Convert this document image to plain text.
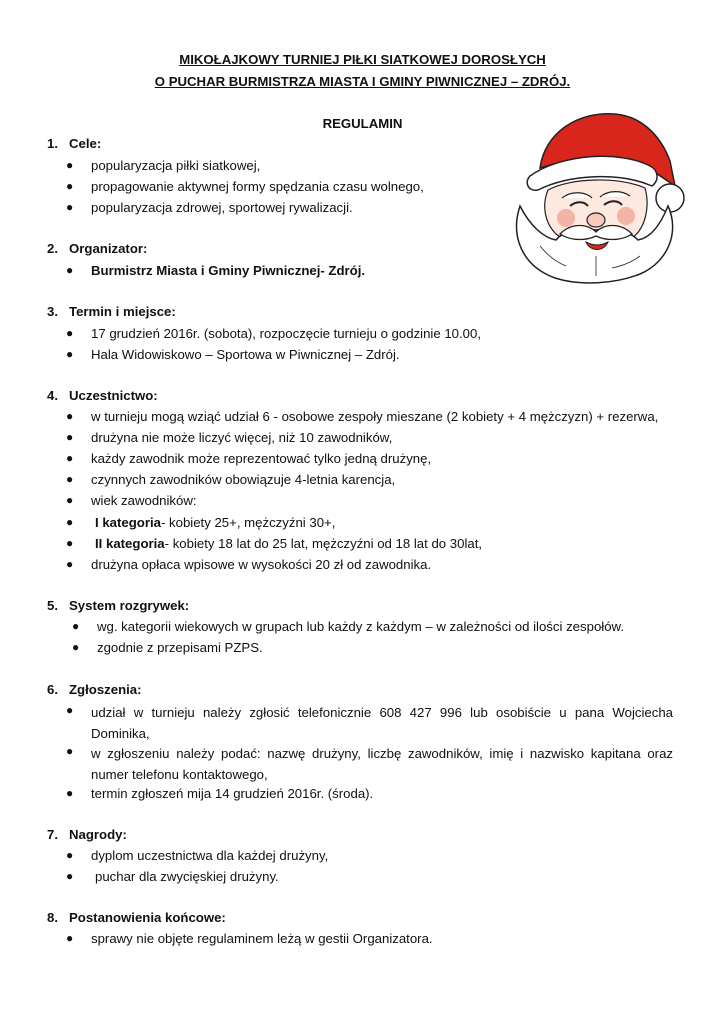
MIKOŁAJKOWY TURNIEJ PIŁKI SIATKOWEJ DOROSŁYCH
O PUCHAR BURMISTRZA MIASTA I GMINY PIWNICZNEJ – ZDRÓJ.
REGULAMIN
1. Cele:
● popularyzacja piłki siatkowej,
● propagowanie aktywnej formy spędzania czasu wolnego,
● popularyzacja zdrowej, sportowej rywalizacji.
2. Organizator:
● Burmistrz Miasta i Gminy Piwnicznej- Zdrój.
3. Termin i miejsce:
● 17 grudzień 2016r. (sobota), rozpoczęcie turnieju o godzinie 10.00,
● Hala Widowiskowo – Sportowa w Piwnicznej – Zdrój.
4. Uczestnictwo:
● w turnieju mogą wziąć udział 6 - osobowe zespoły mieszane (2 kobiety + 4 mężczyzn) + rezerwa,
● drużyna nie może liczyć więcej, niż 10 zawodników,
● każdy zawodnik może reprezentować tylko jedną drużynę,
● czynnych zawodników obowiązuje 4-letnia karencja,
● wiek zawodników:
● I kategoria- kobiety 25+, mężczyźni 30+,
● II kategoria- kobiety 18 lat do 25 lat, mężczyźni od 18 lat do 30lat,
● drużyna opłaca wpisowe w wysokości 20 zł od zawodnika.
5. System rozgrywek:
● wg. kategorii wiekowych w grupach lub każdy z każdym – w zależności od ilości zespołów.
● zgodnie z przepisami PZPS.
6. Zgłoszenia:
● udział w turnieju należy zgłosić telefonicznie 608 427 996 lub osobiście u pana Wojciecha Dominika,
● w zgłoszeniu należy podać: nazwę drużyny, liczbę zawodników, imię i nazwisko kapitana oraz numer telefonu kontaktowego,
● termin zgłoszeń mija 14 grudzień 2016r. (środa).
7. Nagrody:
● dyplom uczestnictwa dla każdej drużyny,
● puchar dla zwycięskiej drużyny.
8. Postanowienia końcowe:
● sprawy nie objęte regulaminem leżą w gestii Organizatora.
